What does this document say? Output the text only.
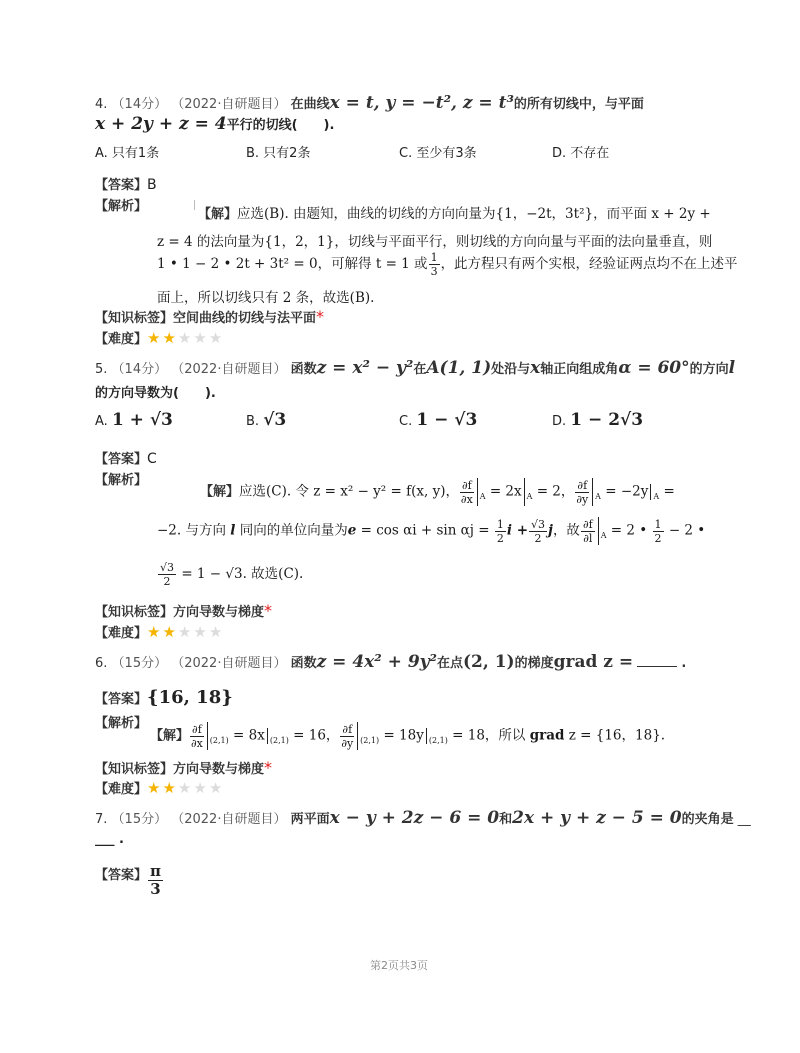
4. （14分） （2022·自研题目） 在曲线x = t, y = −t², z = t³的所有切线中，与平面
x + 2y + z = 4平行的切线(　　).
A. 只有1条	B. 只有2条	C. 至少有3条	D. 不存在
【答案】B
【解析】
【解】应选(B). 由题知，曲线的切线的方向向量为{1，−2t，3t²}，而平面 x + 2y +
z = 4 的法向量为{1，2，1}，切线与平面平行，则切线的方向向量与平面的法向量垂直，则
1 • 1 − 2 • 2t + 3t² = 0，可解得 t = 1 或 $\frac{1}{3}$ ，此方程只有两个实根，经验证两点均不在上述平
面上，所以切线只有 2 条，故选(B).
【知识标签】空间曲线的切线与法平面*
【难度】★★★★★
5. （14分） （2022·自研题目） 函数z = x² − y²在A(1, 1)处沿与x轴正向组成角α = 60°的方向l
的方向导数为(　　).
A. 1 + √3	B. √3	C. 1 − √3	D. 1 − 2√3
【答案】C
【解析】
【解】应选(C). 令 z = x² − y² = f(x, y)， $\frac{\partial f}{\partial x} _A = 2x$ $_A$ = 2， $\frac{\partial f}{\partial y} _A = -2y$ $_A$ =
−2. 与方向 l 同向的单位向量为$e = \cos \alpha i + \sin \alpha j = \frac{1}{2}$ $i + \frac{√3}{2}$ j，故 $\frac{\partial f}{\partial l} _A = 2$ • $\frac{1}{2} - 2$ •
$\frac{√3}{2} = 1 - √3$. 故选(C).
【知识标签】方向导数与梯度*
【难度】★★★★★
6. （15分） （2022·自研题目） 函数z = 4x² + 9y²在点(2, 1)的梯度grad z =	.
【答案】{16, 18}
【解析】
【解】 $\frac{\partial f}{\partial x} _{(2,1)} = 8x$ $_{(2,1)}$ = 16， $\frac{\partial f}{\partial y} _{(2,1)} = 18y$ $_{(2,1)}$ = 18，所以 grad z = {16，18}.
【知识标签】方向导数与梯度*
【难度】★★★★★
7. （15分） （2022·自研题目） 两平面x − y + 2z − 6 = 0和2x + y + z − 5 = 0的夹角是 __
___ .
【答案】 $\frac{\pi}{3}$
第2页共3页
